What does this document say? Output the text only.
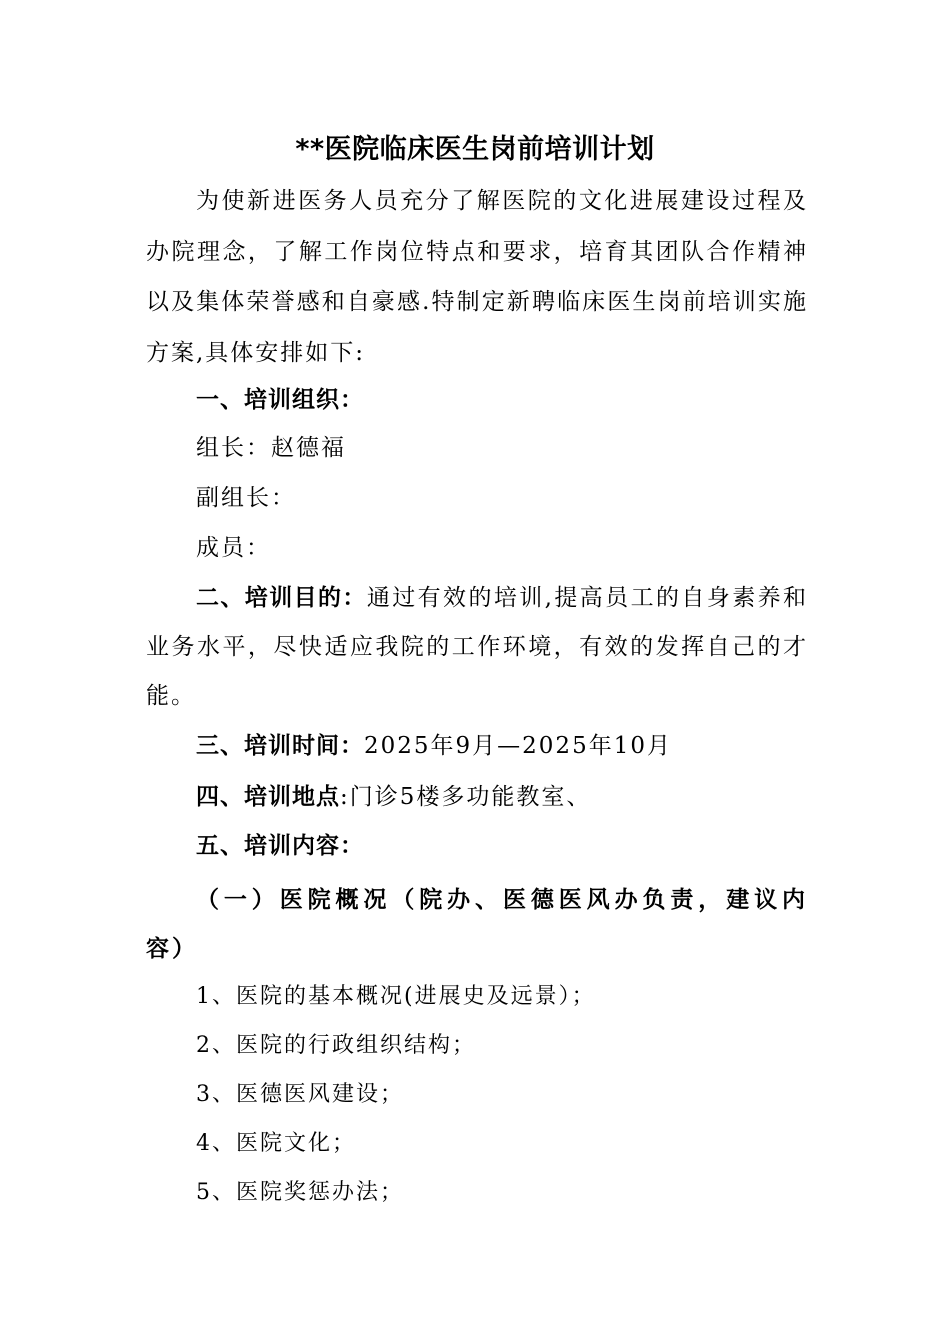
**医院临床医生岗前培训计划

为使新进医务人员充分了解医院的文化进展建设过程及办院理念，了解工作岗位特点和要求，培育其团队合作精神以及集体荣誉感和自豪感.特制定新聘临床医生岗前培训实施方案,具体安排如下:

一、培训组织：
组长：赵德福
副组长：
成员：

二、培训目的：通过有效的培训,提高员工的自身素养和业务水平，尽快适应我院的工作环境，有效的发挥自己的才能。

三、培训时间：2025年9月—2025年10月
四、培训地点:门诊5楼多功能教室、
五、培训内容：

（一）医院概况（院办、医德医风办负责，建议内容）

1、医院的基本概况(进展史及远景）；
2、医院的行政组织结构；
3、医德医风建设；
4、医院文化；
5、医院奖惩办法；
